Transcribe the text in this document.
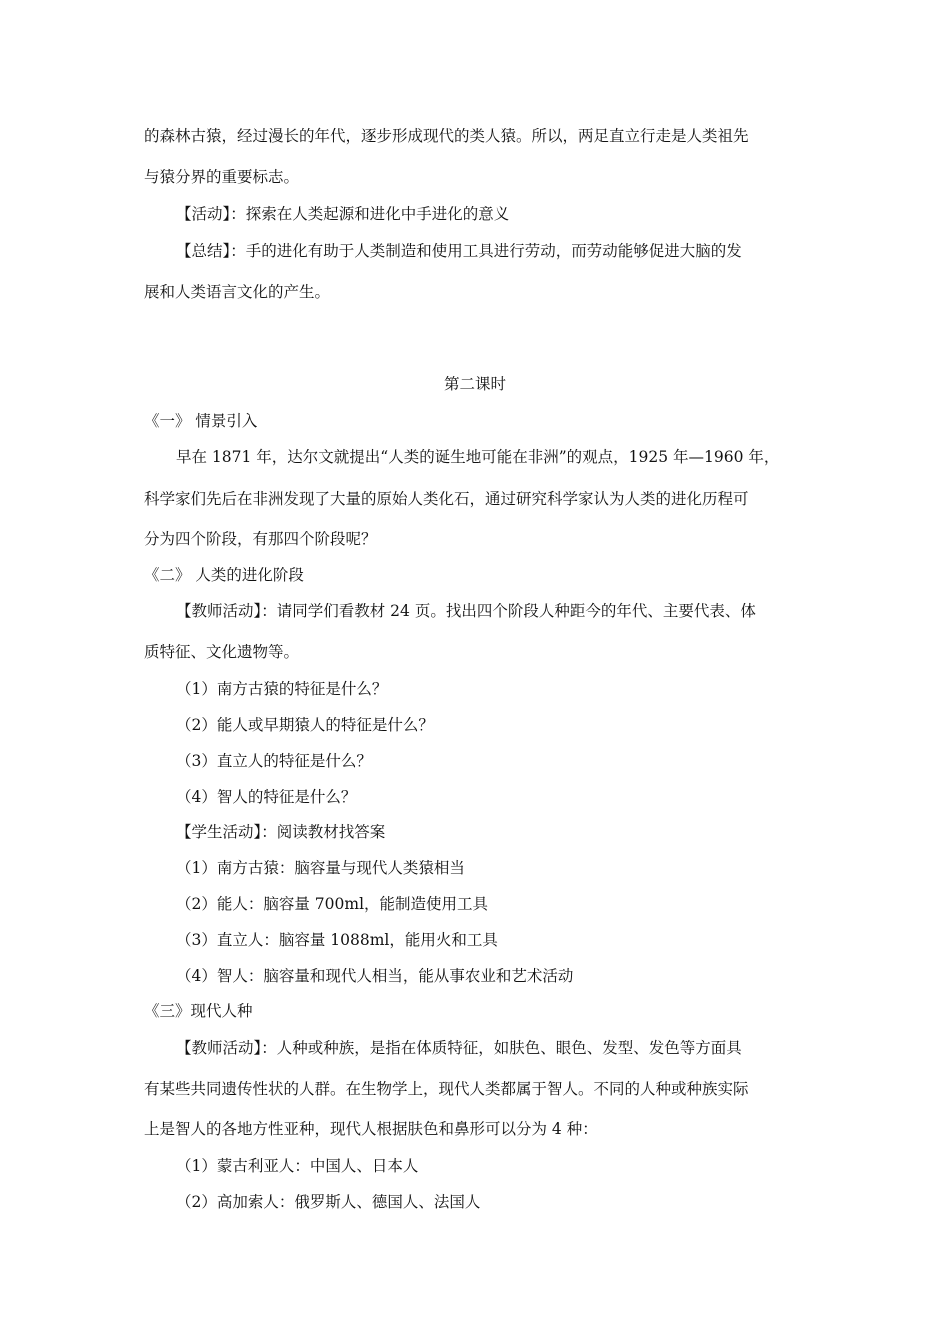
的森林古猿，经过漫长的年代，逐步形成现代的类人猿。所以，两足直立行走是人类祖先
与猿分界的重要标志。
【活动】：探索在人类起源和进化中手进化的意义
【总结】：手的进化有助于人类制造和使用工具进行劳动，而劳动能够促进大脑的发
展和人类语言文化的产生。
第二课时
《一》 情景引入
早在 1871 年，达尔文就提出“人类的诞生地可能在非洲”的观点，1925 年—1960 年，
科学家们先后在非洲发现了大量的原始人类化石，通过研究科学家认为人类的进化历程可
分为四个阶段，有那四个阶段呢？
《二》 人类的进化阶段
【教师活动】：请同学们看教材 24 页。找出四个阶段人种距今的年代、主要代表、体
质特征、文化遗物等。
（1）南方古猿的特征是什么？
（2）能人或早期猿人的特征是什么？
（3）直立人的特征是什么？
（4）智人的特征是什么？
【学生活动】：阅读教材找答案
（1）南方古猿：脑容量与现代人类猿相当
（2）能人：脑容量 700ml，能制造使用工具
（3）直立人：脑容量 1088ml，能用火和工具
（4）智人：脑容量和现代人相当，能从事农业和艺术活动
《三》现代人种
【教师活动】：人种或种族，是指在体质特征，如肤色、眼色、发型、发色等方面具
有某些共同遗传性状的人群。在生物学上，现代人类都属于智人。不同的人种或种族实际
上是智人的各地方性亚种，现代人根据肤色和鼻形可以分为 4 种：
（1）蒙古利亚人：中国人、日本人
（2）高加索人：俄罗斯人、德国人、法国人
